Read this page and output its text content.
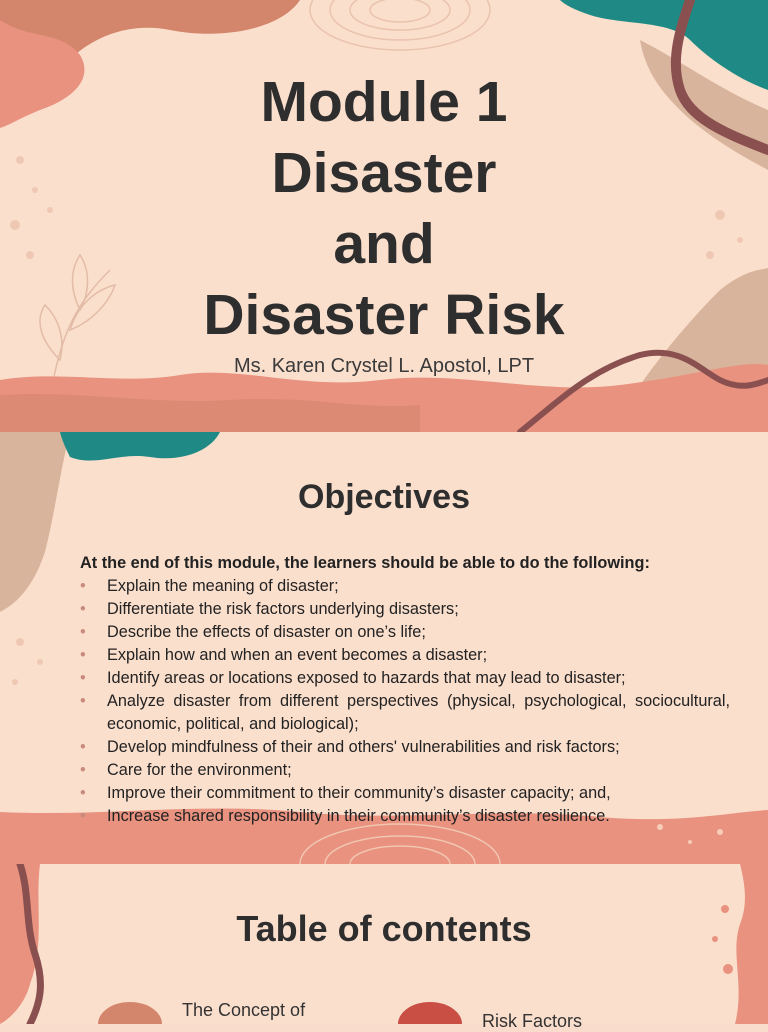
Module 1
Disaster
and
Disaster Risk
Ms. Karen Crystel L. Apostol, LPT
Objectives
At the end of this module, the learners should be able to do the following:
• Explain the meaning of disaster;
• Differentiate the risk factors underlying disasters;
• Describe the effects of disaster on one’s life;
• Explain how and when an event becomes a disaster;
• Identify areas or locations exposed to hazards that may lead to disaster;
• Analyze disaster from different perspectives (physical, psychological, sociocultural, economic, political, and biological);
• Develop mindfulness of their and others' vulnerabilities and risk factors;
• Care for the environment;
• Improve their commitment to their community’s disaster capacity; and,
• Increase shared responsibility in their community’s disaster resilience.
Table of contents
The Concept of
Risk Factors
